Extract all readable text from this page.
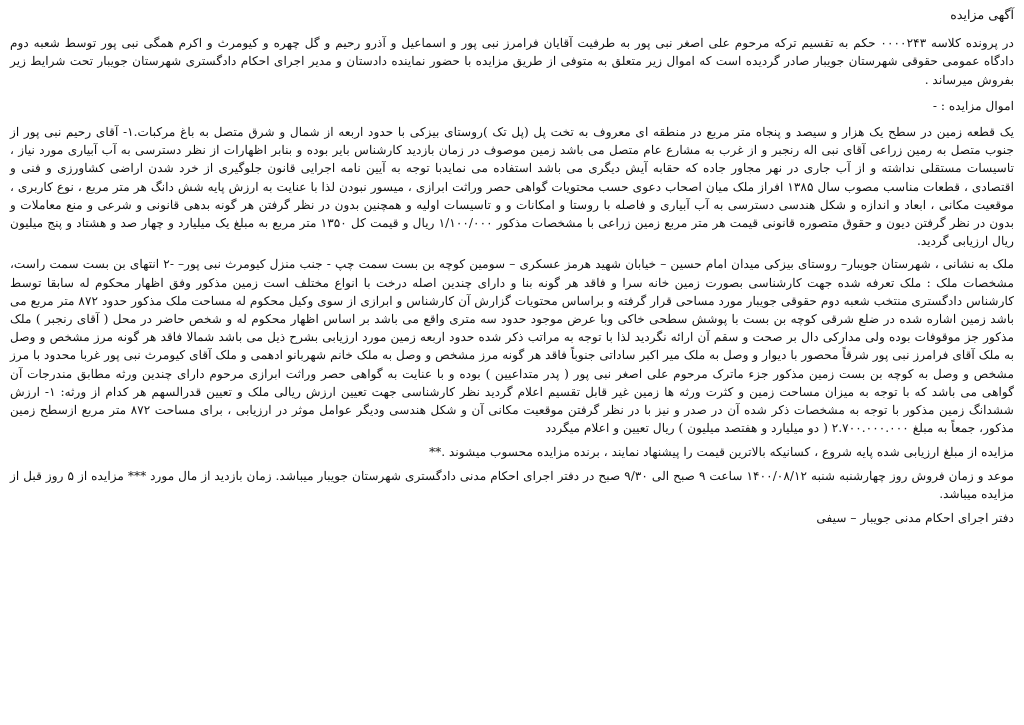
آگهی مزایده

در پرونده کلاسه ۰۰۰۰۲۴۳ حکم به تقسیم ترکه مرحوم علی اصغر نبی پور به طرفیت آقایان فرامرز نبی پور و اسماعیل و آذرو رحیم و گل چهره و کیومرث و اکرم همگی نبی پور توسط شعبه دوم دادگاه عمومی حقوقی شهرستان جویبار صادر گردیده است که اموال زیر متعلق به متوفی از طریق مزایده با حضور نماینده دادستان و مدیر اجرای احکام دادگستری شهرستان جویبار تحت شرایط زیر بفروش میرساند .

اموال مزایده : -

یک قطعه زمین در سطح یک هزار و سیصد و پنجاه متر مربع در منطقه ای معروف به تخت پل (پل تک )روستای بیزکی با حدود اربعه از شمال و شرق متصل به باغ مرکبات.١- آقای رحیم نبی پور از جنوب متصل به رمین زراعی آقای نبی اله رنجبر و از غرب به مشارع عام متصل می باشد زمین موصوف در زمان بازدید کارشناس بایر بوده و بنابر اظهارات از نظر دسترسی به آب آبیاری مورد نیاز ، تاسیسات مستقلی نداشته و از آب جاری در نهر مجاور جاده که حقابه آیش دیگری می باشد استفاده می نمایدبا توجه به آیین نامه اجرایی قانون جلوگیری از خرد شدن اراضی کشاورزی و فنی و اقتصادی ، قطعات مناسب مصوب سال ۱۳۸۵ افراز ملک میان اصحاب دعوی حسب محتویات گواهی حصر وراثت ابرازی ، میسور نبودن لذا با عنایت به ارزش پایه شش دانگ هر متر مربع ، نوع کاربری ، موقعیت مکانی ، ابعاد و اندازه و شکل هندسی دسترسی به آب آبیاری و فاصله با روستا و امکانات و و تاسیسات اولیه و همچنین بدون در نظر گرفتن هر گونه بدهی قانونی و شرعی و منع معاملات و بدون در نظر گرفتن دیون و حقوق متصوره قانونی قیمت هر متر مربع زمین زراعی با مشخصات مذکور ۱/۱۰۰/۰۰۰ ریال و قیمت کل ۱۳۵۰ متر مربع به مبلغ یک میلیارد و چهار صد و هشتاد و پنج میلیون ریال ارزیابی گردید.

ملک به نشانی ، شهرستان جویبار– روستای بیزکی میدان امام حسین – خیابان شهید هرمز عسکری – سومین کوچه بن بست سمت چپ - جنب منزل کیومرث نبی پور– -٢ انتهای بن بست سمت راست، مشخصات ملک : ملک تعرفه شده جهت کارشناسی بصورت زمین خانه سرا و فاقد هر گونه بنا و دارای چندین اصله درخت با انواع مختلف است زمین مذکور وفق اظهار محکوم له سابقا توسط کارشناس دادگستری منتخب شعبه دوم حقوقی جویبار مورد مساحی قرار گرفته و براساس محتویات گزارش آن کارشناس و ابرازی از سوی وکیل محکوم له مساحت ملک مذکور حدود ۸۷۲ متر مربع می باشد زمین اشاره شده در ضلع شرقی کوچه بن بست با پوشش سطحی خاکی وبا عرض موجود حدود سه متری واقع می باشد بر اساس اظهار محکوم له و شخص حاضر در محل ( آقای رنجبر ) ملک مذکور جز موقوفات بوده ولی مدارکی دال بر صحت و سقم آن ارائه نگردید لذا با توجه به مراتب ذکر شده حدود اربعه زمین مورد ارزیابی بشرح ذیل می باشد شمالا فاقد هر گونه مرز مشخص و وصل به ملک آقای فرامرز نبی پور شرقاً محصور با دیوار و وصل به ملک میر اکبر ساداتی جنوباً فاقد هر گونه مرز مشخص و وصل به ملک خانم شهربانو ادهمی و ملک آقای کیومرث نبی پور غربا محدود با مرز مشخص و وصل به کوچه بن بست زمین مذکور جزء ماترک مرحوم علی اصغر نبی پور ( پدر متداعیین ) بوده و با عنایت به گواهی حصر وراثت ابرازی مرحوم دارای چندین ورثه مطابق مندرجات آن گواهی می باشد که با توجه به میزان مساحت زمین و کثرت ورثه ها زمین غیر قابل تقسیم اعلام گردید نظر کارشناسی جهت تعیین ارزش ریالی ملک و تعیین قدرالسهم هر کدام از ورثه: ١- ارزش ششدانگ زمین مذکور با توجه به مشخصات ذکر شده آن در صدر و نیز با در نظر گرفتن موقعیت مکانی آن و شکل هندسی ودیگر عوامل موثر در ارزیابی ، برای مساحت ۸۷۲ متر مربع ازسطح زمین مذکور، جمعاً به مبلغ ۲.۷۰۰.۰۰۰.۰۰۰ ( دو میلیارد و هفتصد میلیون ) ریال تعیین و اعلام میگردد

مزایده از مبلغ ارزیابی شده پایه شروع ، کسانیکه بالاترین قیمت را پیشنهاد نمایند ، برنده مزایده محسوب میشوند .**

موعد و زمان فروش روز چهارشنبه شنبه ۱۴۰۰/۰۸/۱۲ ساعت ۹ صبح الی ۹/۳۰ صبح در دفتر اجرای احکام مدنی دادگستری شهرستان جویبار میباشد. زمان بازدید از مال مورد *** مزایده از ۵ روز قبل از مزایده میباشد.

دفتر اجرای احکام مدنی جویبار – سیفی
